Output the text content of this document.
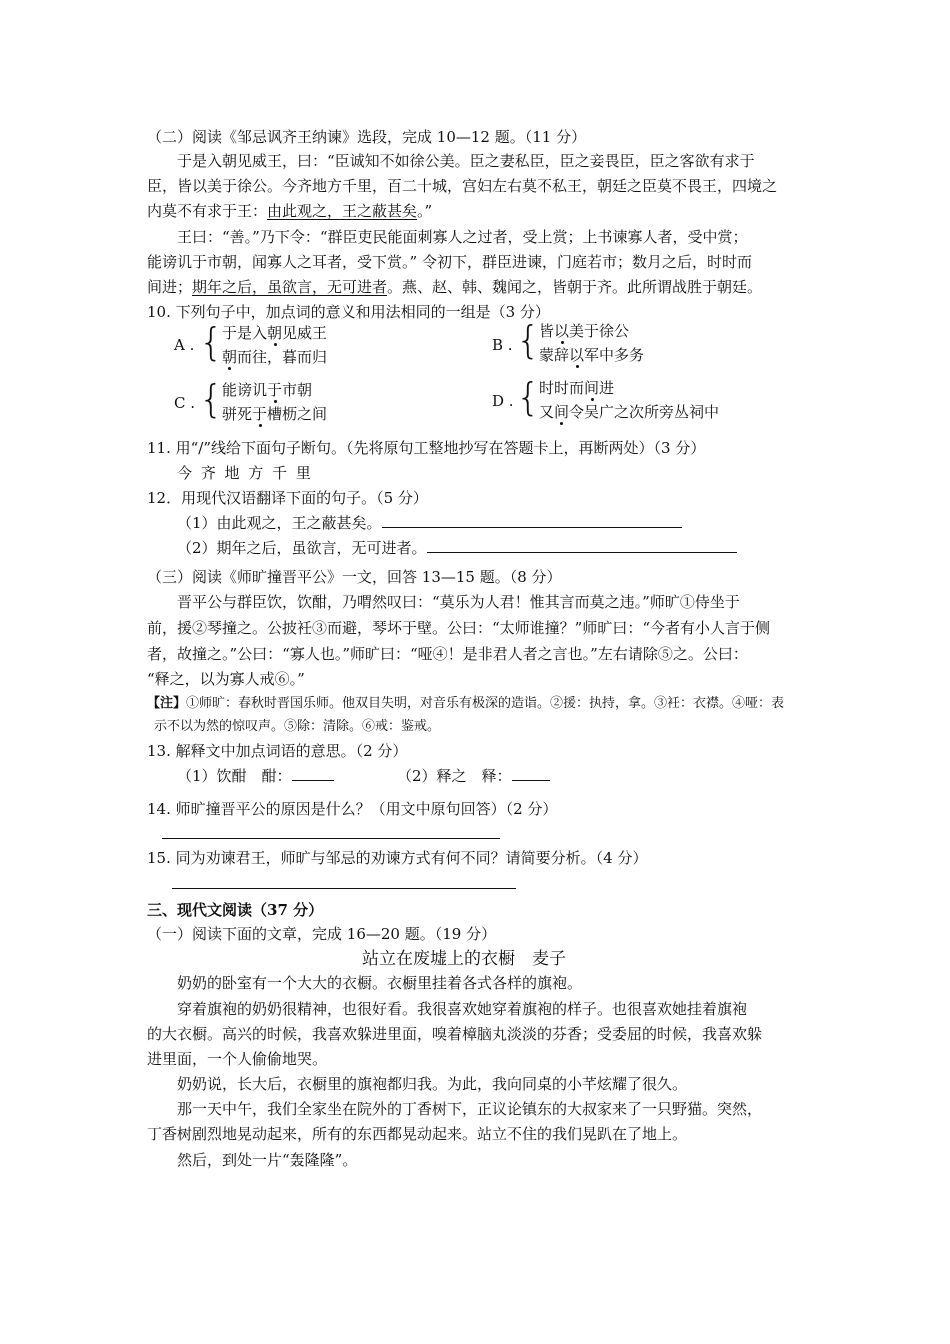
（二）阅读《邹忌讽齐王纳谏》选段，完成 10—12 题。（11 分）
于是入朝见威王，曰：“臣诚知不如徐公美。臣之妻私臣，臣之妾畏臣，臣之客欲有求于
臣，皆以美于徐公。今齐地方千里，百二十城，宫妇左右莫不私王，朝廷之臣莫不畏王，四境之
内莫不有求于王：由此观之，王之蔽甚矣。”
王曰：“善。”乃下令：“群臣吏民能面刺寡人之过者，受上赏；上书谏寡人者，受中赏；
能谤讥于市朝，闻寡人之耳者，受下赏。” 令初下，群臣进谏，门庭若市；数月之后，时时而
间进；期年之后，虽欲言，无可进者。燕、赵、韩、魏闻之，皆朝于齐。此所谓战胜于朝廷。
10. 下列句子中，加点词的意义和用法相同的一组是（3 分）
A . {
于是入朝见威王
朝而往，暮而归
B . {
皆以美于徐公
蒙辞以军中多务
C . {
能谤讥于市朝
骈死于槽枥之间
D . {
时时而间进
又间令吴广之次所旁丛祠中
11. 用“/”线给下面句子断句。（先将原句工整地抄写在答题卡上，再断两处）（3 分）
今 齐 地 方 千 里
12．用现代汉语翻译下面的句子。（5 分）
（1）由此观之，王之蔽甚矣。
（2）期年之后，虽欲言，无可进者。
（三）阅读《师旷撞晋平公》一文，回答 13—15 题。（8 分）
晋平公与群臣饮，饮酣，乃喟然叹曰：“莫乐为人君！惟其言而莫之违。”师旷①侍坐于
前，援②琴撞之。公披衽③而避，琴坏于壁。公曰：“太师谁撞？”师旷曰：“今者有小人言于侧
者，故撞之。”公曰：“寡人也。”师旷曰：“哑④！是非君人者之言也。”左右请除⑤之。公曰：
“释之，以为寡人戒⑥。”
【注】①师旷：春秋时晋国乐师。他双目失明，对音乐有极深的造诣。②援：执持，拿。③衽：衣襟。④哑：表
示不以为然的惊叹声。⑤除：清除。⑥戒：鉴戒。
13. 解释文中加点词语的意思。（2 分）
（1）饮酣　酣：	（2）释之　释：
14. 师旷撞晋平公的原因是什么？（用文中原句回答）（2 分）
15. 同为劝谏君王，师旷与邹忌的劝谏方式有何不同？请简要分析。（4 分）
三、现代文阅读（37 分）
（一）阅读下面的文章，完成 16—20 题。（19 分）
站立在废墟上的衣橱　麦子
奶奶的卧室有一个大大的衣橱。衣橱里挂着各式各样的旗袍。
穿着旗袍的奶奶很精神，也很好看。我很喜欢她穿着旗袍的样子。也很喜欢她挂着旗袍
的大衣橱。高兴的时候，我喜欢躲进里面，嗅着樟脑丸淡淡的芬香；受委屈的时候，我喜欢躲
进里面，一个人偷偷地哭。
奶奶说，长大后，衣橱里的旗袍都归我。为此，我向同桌的小芊炫耀了很久。
那一天中午，我们全家坐在院外的丁香树下，正议论镇东的大叔家来了一只野猫。突然，
丁香树剧烈地晃动起来，所有的东西都晃动起来。站立不住的我们晃趴在了地上。
然后，到处一片“轰隆隆”。
